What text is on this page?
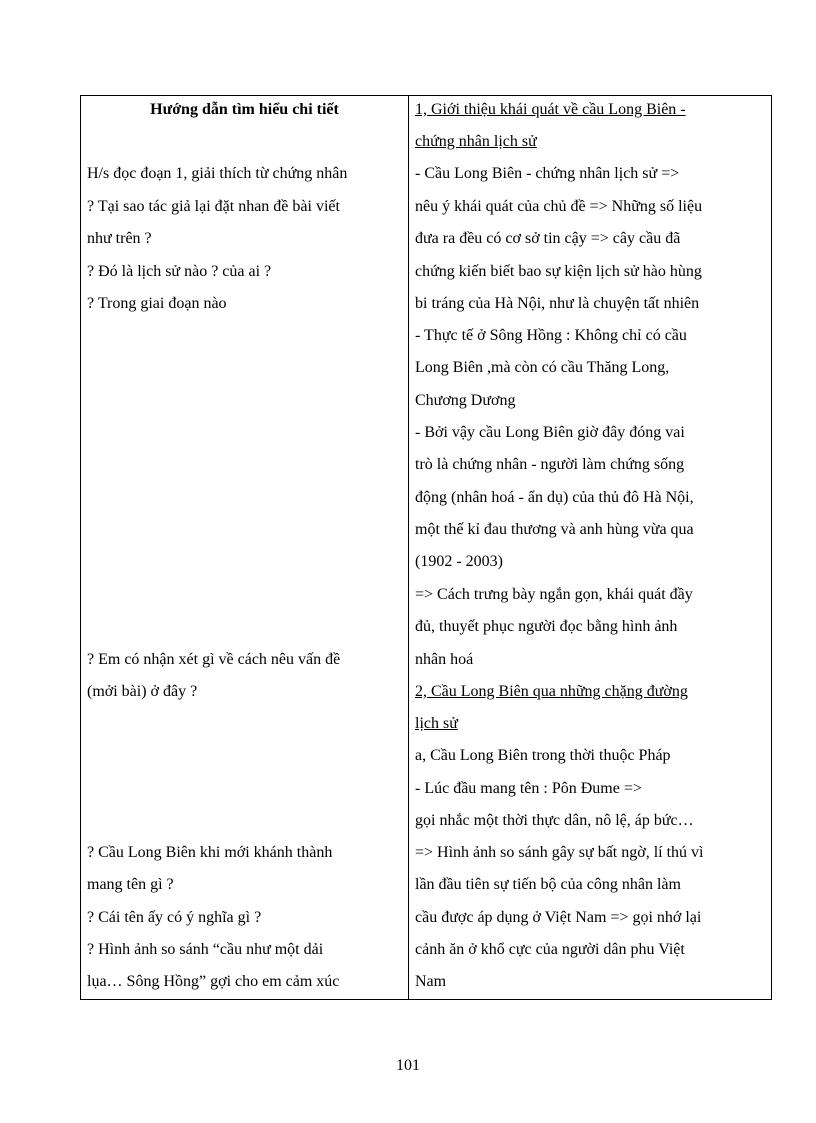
Hướng dẫn tìm hiểu chi tiết
H/s đọc đoạn 1, giải thích từ chứng nhân
? Tại sao tác giả lại đặt nhan đề bài viết
như trên ?
? Đó là lịch sử nào ? của ai ?
? Trong giai đoạn nào
? Em có nhận xét gì về cách nêu vấn đề
(mởi bài) ở đây ?
? Cầu Long Biên khi mới khánh thành
mang tên gì ?
? Cái tên ấy có ý nghĩa gì ?
? Hình ảnh so sánh “cầu như một dải
lụa… Sông Hồng” gợi cho em cảm xúc
1, Giới thiệu khái quát về cầu Long Biên -
chứng nhân lịch sử
- Cầu Long Biên - chứng nhân lịch sử =>
nêu ý khái quát của chủ đề => Những số liệu
đưa ra đều có cơ sở tin cậy => cây cầu đã
chứng kiến biết bao sự kiện lịch sử hào hùng
bi tráng của Hà Nội, như là chuyện tất nhiên
- Thực tế ở Sông Hồng : Không chỉ có cầu
Long Biên ,mà còn có cầu Thăng Long,
Chương Dương
- Bởi vậy cầu Long Biên giờ đây đóng vai
trò là chứng nhân - người làm chứng sống
động (nhân hoá - ẩn dụ) của thủ đô Hà Nội,
một thế kỉ đau thương và anh hùng vừa qua
(1902 - 2003)
=> Cách trưng bày ngắn gọn, khái quát đầy
đủ, thuyết phục người đọc bằng hình ảnh
nhân hoá
2, Cầu Long Biên qua những chặng đường
lịch sử
a, Cầu Long Biên trong thời thuộc Pháp
- Lúc đầu mang tên : Pôn Đume =>
gọi nhắc một thời thực dân, nô lệ, áp bức…
=> Hình ảnh so sánh gây sự bất ngờ, lí thú vì
lần đầu tiên sự tiến bộ của công nhân làm
cầu được áp dụng ở Việt Nam => gọi nhớ lại
cảnh ăn ở khổ cực của người dân phu Việt
Nam
101
